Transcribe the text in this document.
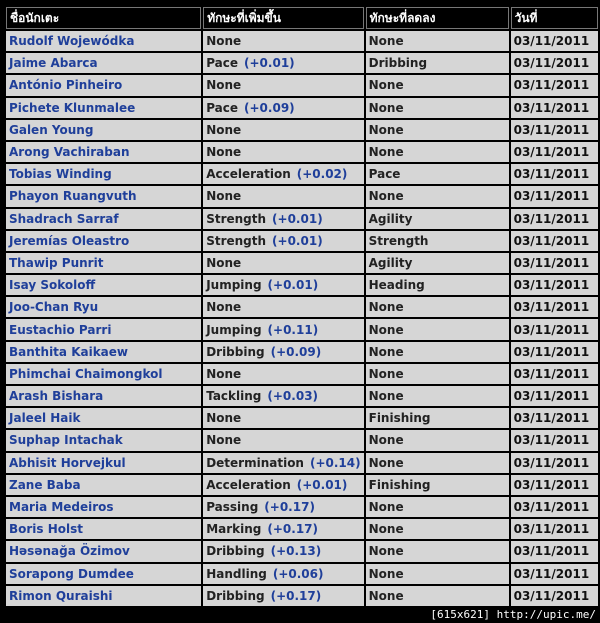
ชื่อนักเตะ	ทักษะที่เพิ่มขึ้น	ทักษะที่ลดลง	วันที่
Rudolf Wojewódka	None	None	03/11/2011
Jaime Abarca	Pace (+0.01)	Dribbing	03/11/2011
António Pinheiro	None	None	03/11/2011
Pichete Klunmalee	Pace (+0.09)	None	03/11/2011
Galen Young	None	None	03/11/2011
Arong Vachiraban	None	None	03/11/2011
Tobias Winding	Acceleration (+0.02)	Pace	03/11/2011
Phayon Ruangvuth	None	None	03/11/2011
Shadrach Sarraf	Strength (+0.01)	Agility	03/11/2011
Jeremías Oleastro	Strength (+0.01)	Strength	03/11/2011
Thawip Punrit	None	Agility	03/11/2011
Isay Sokoloff	Jumping (+0.01)	Heading	03/11/2011
Joo-Chan Ryu	None	None	03/11/2011
Eustachio Parri	Jumping (+0.11)	None	03/11/2011
Banthita Kaikaew	Dribbing (+0.09)	None	03/11/2011
Phimchai Chaimongkol	None	None	03/11/2011
Arash Bishara	Tackling (+0.03)	None	03/11/2011
Jaleel Haik	None	Finishing	03/11/2011
Suphap Intachak	None	None	03/11/2011
Abhisit Horvejkul	Determination (+0.14)	None	03/11/2011
Zane Baba	Acceleration (+0.01)	Finishing	03/11/2011
Maria Medeiros	Passing (+0.17)	None	03/11/2011
Boris Holst	Marking (+0.17)	None	03/11/2011
Həsənağa Özimov	Dribbing (+0.13)	None	03/11/2011
Sorapong Dumdee	Handling (+0.06)	None	03/11/2011
Rimon Quraishi	Dribbing (+0.17)	None	03/11/2011
[615x621] http://upic.me/
